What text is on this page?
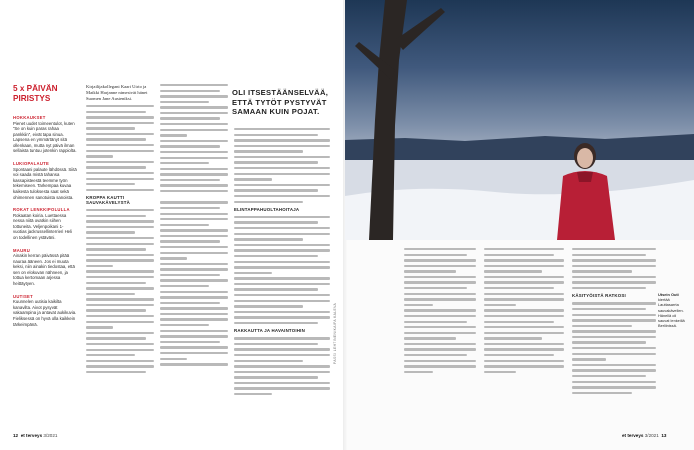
5 x PÄIVÄN PIRISTYS
HOKKAUKSET
Pienet uudet toimeentulot, kuten “Se on kuin paras rahaa pankkiin”, eivät tapa sinua. Lapsena en ymmärtänyt sitä ollenkaan, mutta nyt päivä ilman sellaista tuntuu jotenkin rappiolta.
LUKIOPALAUTE
Spontaani palaute lähdössä. Siitä voi saada mistä tahansa kassapisteestä teemme työn tekemiseen. Tarkempaa kuvaa kaikesta tuloksesta saat sekä ohimennen sanotuista sanoista.
ROKAT LENKKIPOLULLA
Rokaatan koiria. Luettaessa nessa niitä ovatkin siihen tottuneita. Veljenpoikani 1-vuotias jackrussellinterrieri Heli on todellinen ystäväni.
MAURU
Ainakin kerran päivässä pitää nauraa ääneen. Jos ei muuta keksi, niin ainakin tiedostaa, että sen on elokuvan nähneen, ja tottua kertomaan arjessa heittäytyen.
UUTISET
Kuunnelen uutisia kaikilta kanavilta. Aivot pysyvät vakaampina ja antavat aukikuvia. Fieliksessä on hyvä olla kaikkein tärkeimpänä.
Kirjailijakollegani Kaari Utrio ja Maikki Harjanne nimesivät hänet Suomen Jane Austeniksi.
KROPPA KAUTTI SAUVAKÄVELYSTÄ
OLI ITSESTÄÄNSELVÄÄ, ETTÄ TYTÖT PYSTYVÄT SAMAAN KUIN POJAT.
ELINTAPPAHUOLTAHOITAJA
RAKKAUTTA JA HAVAINTOIHIN	PASSI LEHTINEN/KAIFA KALEVA
KÄSITYÖISTÄ RATKOSI	Utsein Outi kiertää Lauttasarrta sauvakävellen. Hänellä oli sauvat lenkeillä Berliinissä.
12 et terveys 3/2021	et terveys 3/2021 13
